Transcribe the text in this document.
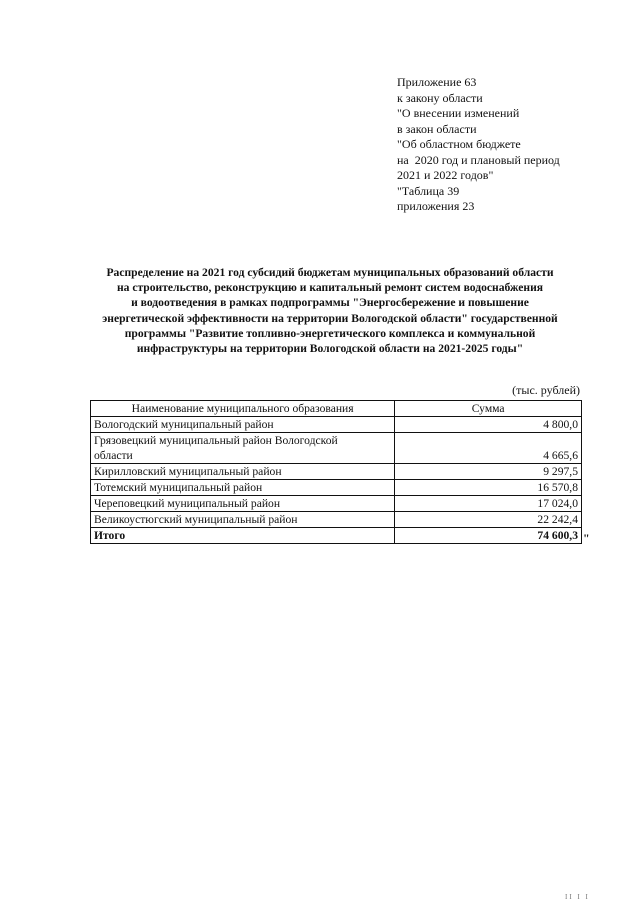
Приложение 63
к закону области
"О внесении изменений
в закон области
"Об областном бюджете
на  2020 год и плановый период
2021 и 2022 годов"
"Таблица 39
приложения 23
Распределение на 2021 год субсидий бюджетам муниципальных образований области
на строительство, реконструкцию и капитальный ремонт систем водоснабжения
и водоотведения в рамках подпрограммы "Энергосбережение и повышение
энергетической эффективности на территории Вологодской области" государственной
программы "Развитие топливно-энергетического комплекса и коммунальной
инфраструктуры на территории Вологодской области на 2021-2025 годы"
(тыс. рублей)
Наименование муниципального образования	Сумма
Вологодский муниципальный район	4 800,0

Грязовецкий муниципальный район Вологодской
области	4 665,6
Кирилловский муниципальный район	9 297,5
Тотемский муниципальный район	16 570,8
Череповецкий муниципальный район	17 024,0
Великоустюгский муниципальный район	22 242,4
Итого	74 600,3 "
II I I
